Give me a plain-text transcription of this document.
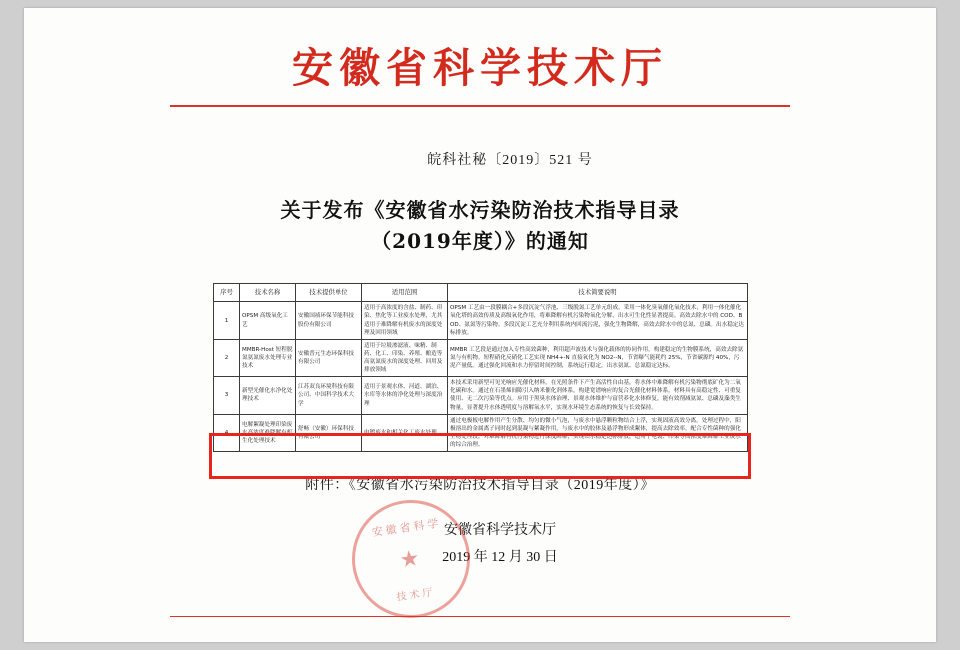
安徽省科学技术厅
皖科社秘〔2019〕521 号
关于发布《安徽省水污染防治技术指导目录
（2019年度）》的通知
序号	技术名称	技术提供单位	适用范围	技术简要说明
1	OPSM 高级氧化工艺	安徽国祯环保节能科技股份有限公司	适用于高浓度的含盐、制药、印染、焦化等工业废水处理，尤其适用于难降解有机废水的深度处理及回用领域	OPSM 工艺由一段膜耦合+多段沉淀气浮池、三级脱氮工艺单元组成。采用一体化臭氧催化氧化技术，利用一体化催化氧化塔的高效传质及高级氧化作用，将难降解有机污染物氧化分解，出水可生化性显著提高。高效去除水中的 COD、BOD、氨氮等污染物。多段沉淀工艺充分利用系统内回流污泥，强化生物降解，高效去除水中的总氮、总磷。出水稳定达标排放。
2	MMBR-Host 短程脱氮氨氮废水处理专业技术	安徽普元生态环保科技有限公司	适用于垃圾渗滤液、味精、制药、化工、印染、养殖、酿造等高氨氮废水的深度处理、回用及排放领域	MMBR 工艺段是通过加入专性高效菌种，利用超声波技术与强化载体的协同作用，构建稳定的生物膜系统，高效去除氨氮与有机物。短程硝化反硝化工艺实现 NH4+-N 直接氧化为 NO2--N，节省曝气能耗约 25%，节省碳源约 40%，污泥产量低。通过强化回流和水力停留时间控制，系统运行稳定，出水氨氮、总氮稳定达标。
3	新型光催化水净化处理技术	江苏双良环境科技有限公司、中国科学技术大学	适用于景观水体、河道、湖泊、水库等水体的净化处理与深度治理	本技术采用新型可见光响应光催化材料，在光照条件下产生高活性自由基，将水体中难降解有机污染物彻底矿化为二氧化碳和水。通过在石墨烯间隙引入纳米催化剂体系，构建宽谱响应的复合光催化材料体系，材料具有高稳定性、可重复使用、无二次污染等优点。应用于黑臭水体治理、景观水体维护与富营养化水体修复，能有效削减氨氮、总磷及藻类生物量，显著提升水体透明度与溶解氧水平，实现水环境生态系统的恢复与长效保持。
4	电解絮凝处理印染废水高浓度难降解有机生化处理技术	舒畅（安徽）环保科技有限公司	电镀废水和相关化工废水处理	通过电极板电解作用产生分散、均匀的微小气泡，与废水中悬浮颗粒物结合上浮，实现固液高效分离。处理过程中，阳极溶出的金属离子同时起到混凝与絮凝作用，与废水中的胶体及悬浮物形成絮体，提高去除效率。配合专性菌种的强化生物处理段，对难降解有机污染物进行深度降解，实现出水稳定达标排放，适用于电镀、印染等高浓度难降解工业废水的综合治理。
附件：《安徽省水污染防治技术指导目录（2019年度）》
安徽省科学
★
技术厅
安徽省科学技术厅
2019 年 12 月 30 日
